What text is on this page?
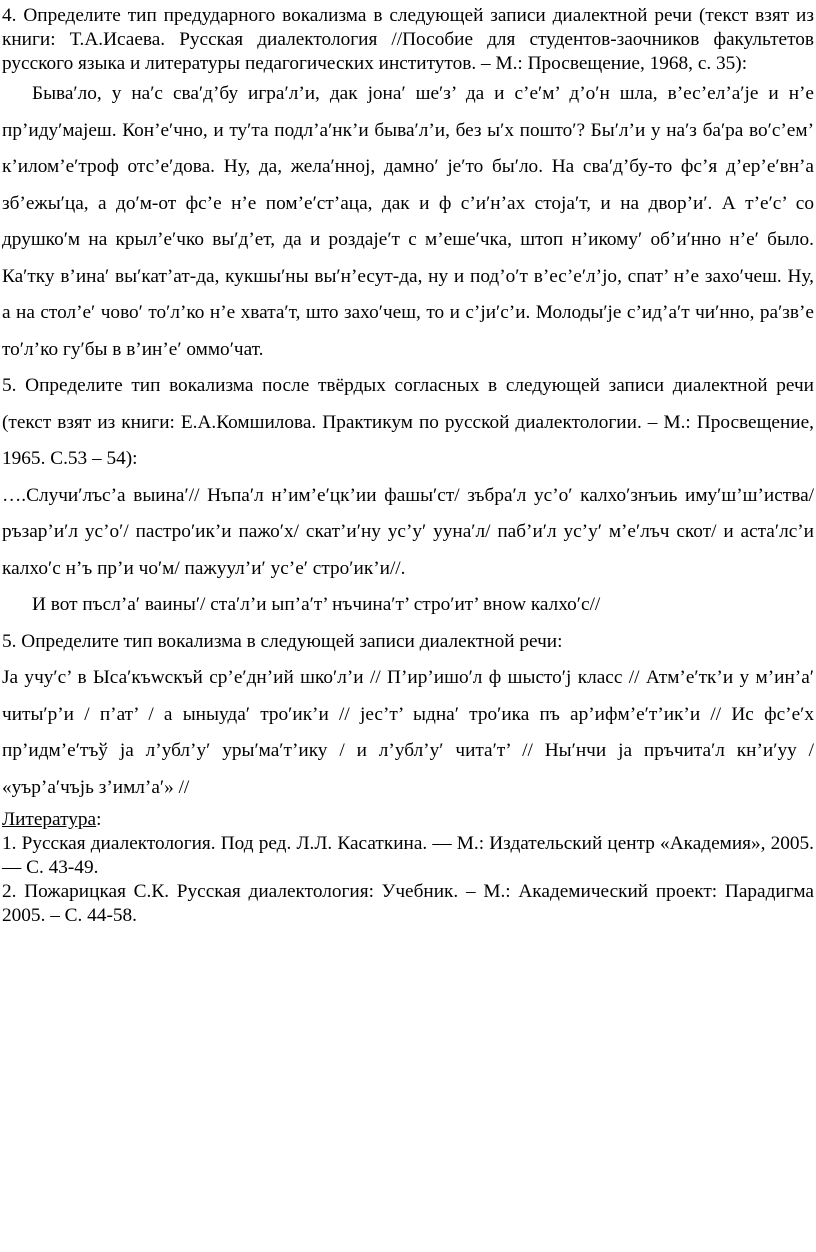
4. Определите тип предударного вокализма в следующей записи диалектной речи (текст взят из книги: Т.А.Исаева. Русская диалектология //Пособие для студентов-заочников факультетов русского языка и литературы педагогических институтов. – М.: Просвещение, 1968, с. 35):

Быва′ло, у на′с сва′д’бу игра′л’и, дак jона′ ше′з’ да и с’е′м’ д’о′н шла, в’ес’ел’а′jе и н’е пр’иду′мајеш. Кон’е′чно, и ту′та подл’а′нк’и быва′л’и, без ы′х пошто′? Бы′л’и у на′з ба′ра во′с’ем’ к’илом’е′троф отс’е′дова. Ну, да, жела′нноj, дамно′ jе′то бы′ло. На сва′д’бу-то фс’я д’ер’е′вн’а зб’ежы′ца, а до′м-от фс’е н’е пом’е′ст’аца, дак и ф с’и′н’ах стоја′т, и на двор’и′. А т’е′с’ со друшко′м на крыл’е′чко вы′д’ет, да и роздаје′т с м’еше′чка, штоп н’икому′ об’и′нно н’е′ было. Ка′тку в’ина′ вы′кат’ат-да, кукшы′ны вы′н’есут-да, ну и под’о′т в’ес’е′л’jо, спат’ н’е захо′чеш. Ну, а на стол’е′ чово′ то′л’ко н’е хвата′т, што захо′чеш, то и с’jи′с’и. Молоды′jе с’ид’а′т чи′нно, ра′зв’е то′л’ко гу′бы в в’ин’е′ оммо′чат.

5. Определите тип вокализма после твёрдых согласных в следующей записи диалектной речи (текст взят из книги: Е.А.Комшилова. Практикум по русской диалектологии. – М.: Просвещение, 1965. С.53 – 54):

….Случи′лъс’а выина′// Нъпа′л н’им’е′цк’ии фашы′ст/ зъбра′л ус’о′ калхо′знъиь иму′ш’ш’иства/ ръзар’и′л ус’о′/ пастро′ик’и пажо′х/ скат’и′ну ус’у′ ууна′л/ паб’и′л ус’у′ м’е′лъч скот/ и аста′лс’и калхо′с н’ъ пр’и чо′м/ пажуул’и′ ус’е′ стро′ик’и//.

И вот пъсл’а′ ваины′/ ста′л’и ып’а′т’ нъчина′т’ стро′ит’ вноw калхо′с//

5. Определите тип вокализма в следующей записи диалектной речи:

Ја учу′с’ в Ыса′къwскъй ср’е′дн’ий шко′л’и // П’ир’ишо′л ф шысто′ј класс // Атм’е′тк’и у м’ин’а′ читы′р’и / п’ат’ / а ыныуда′ тро′ик’и // јес’т’ ыдна′ тро′ика пъ ар’ифм’е′т’ик’и // Ис фс’е′х пр’идм’е′тъў ја л’убл’у′ уры′ма′т’ику / и л’убл’у′ чита′т’ // Ны′нчи ја пръчита′л кн’и′уу / «уър’а′чъјь з’имл’а′» //

Литература:

1. Русская диалектология. Под ред. Л.Л. Касаткина. — М.: Издательский центр «Академия», 2005. — С. 43-49.

2. Пожарицкая С.К. Русская диалектология: Учебник. – М.: Академический проект: Парадигма 2005. – С. 44-58.
